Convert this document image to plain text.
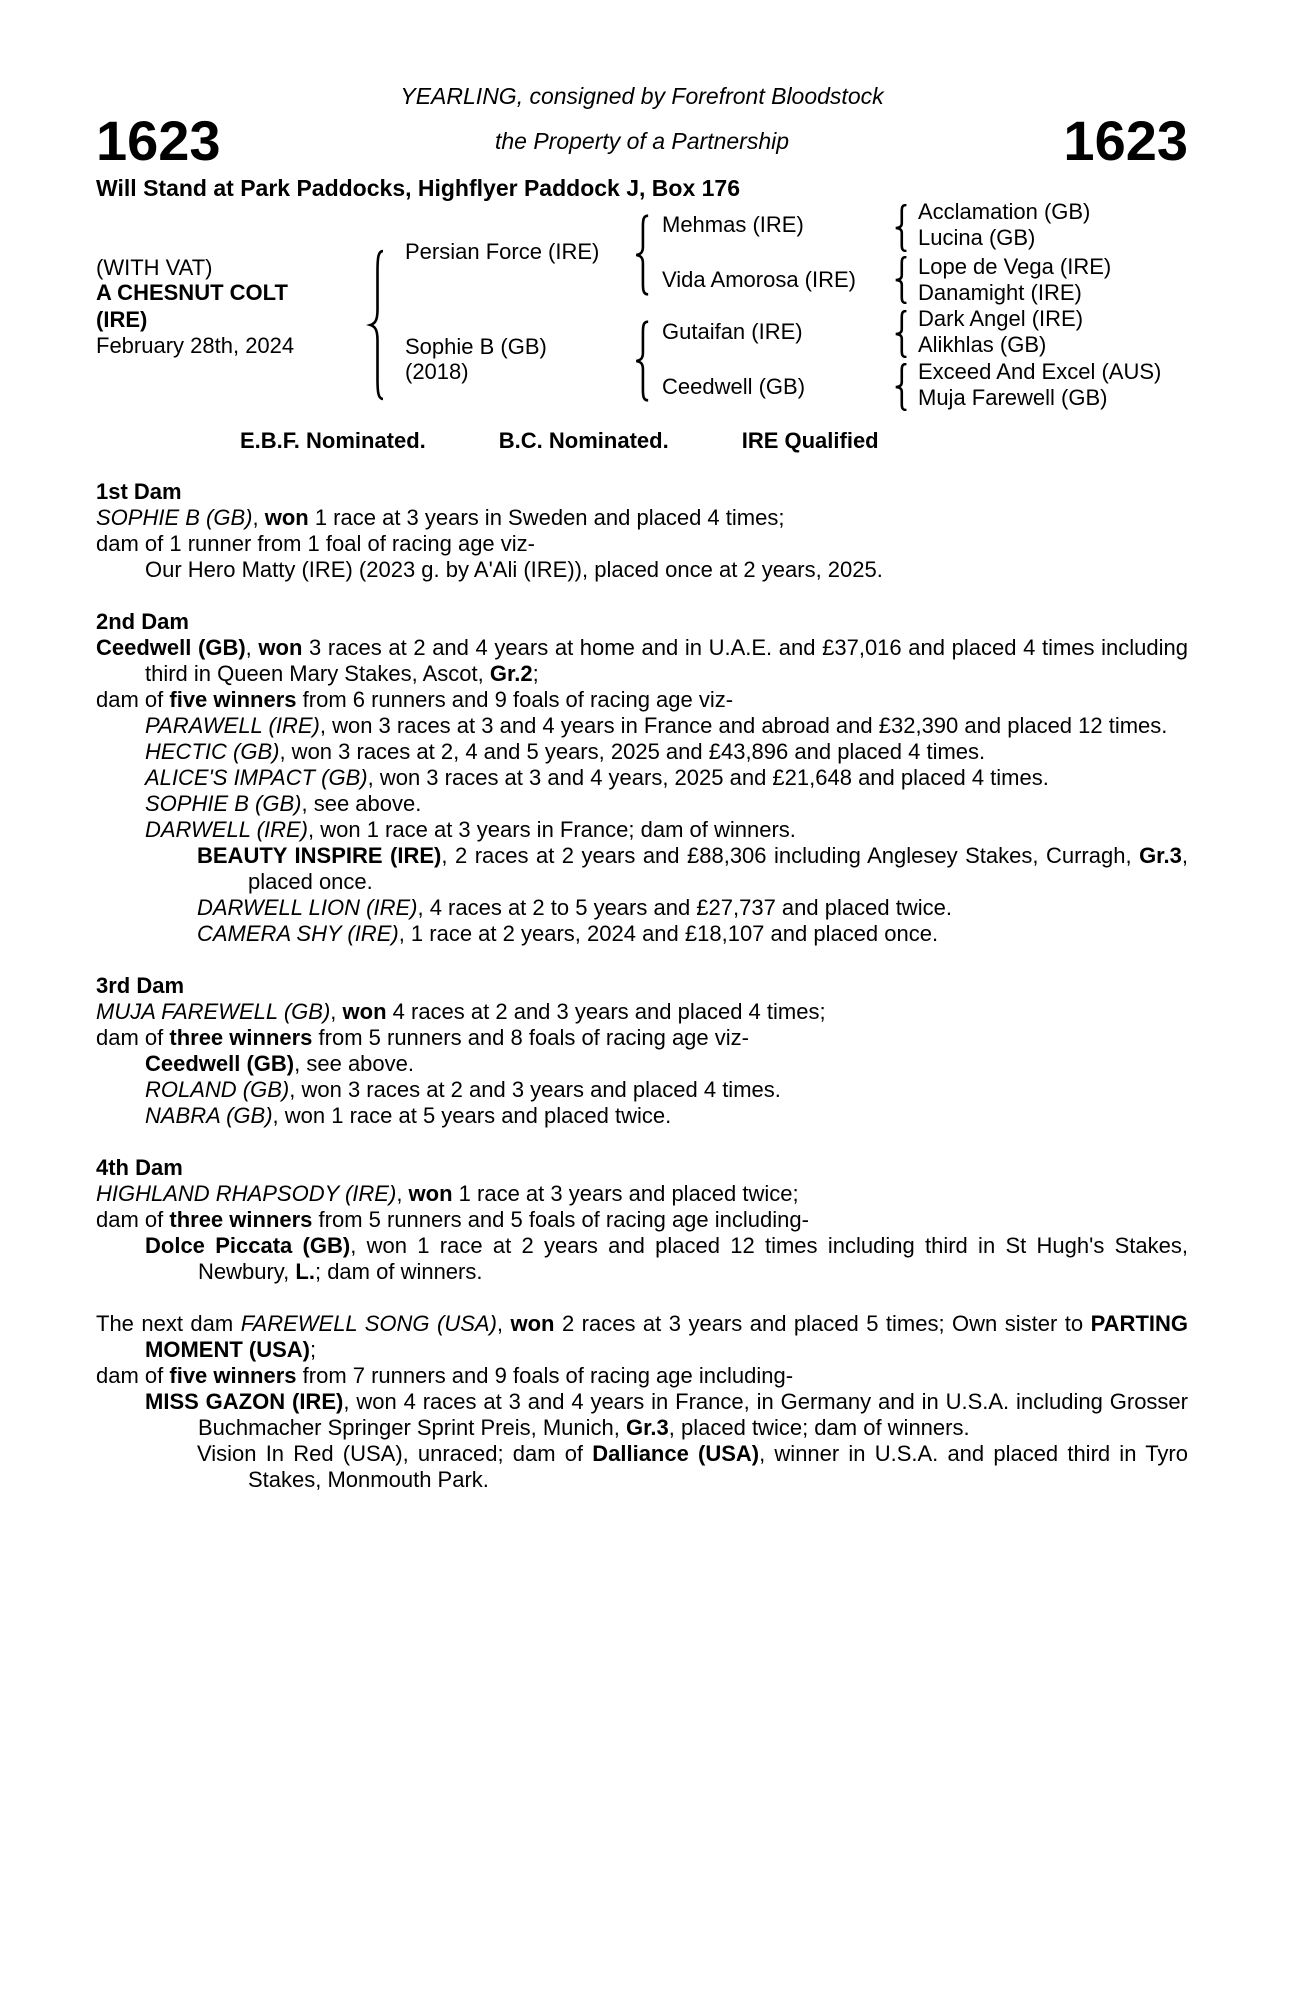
YEARLING, consigned by Forefront Bloodstock
1623	the Property of a Partnership	1623
Will Stand at Park Paddocks, Highflyer Paddock J, Box 176
(WITH VAT)
A CHESNUT COLT
(IRE)
February 28th, 2024
Persian Force (IRE)
Sophie B (GB)
(2018)
Mehmas (IRE)
Vida Amorosa (IRE)
Gutaifan (IRE)
Ceedwell (GB)
Acclamation (GB)
Lucina (GB)
Lope de Vega (IRE)
Danamight (IRE)
Dark Angel (IRE)
Alikhlas (GB)
Exceed And Excel (AUS)
Muja Farewell (GB)
E.B.F. Nominated.	B.C. Nominated.	IRE Qualified
1st Dam

SOPHIE B (GB), won 1 race at 3 years in Sweden and placed 4 times;

dam of 1 runner from 1 foal of racing age viz-

Our Hero Matty (IRE) (2023 g. by A'Ali (IRE)), placed once at 2 years, 2025.

2nd Dam

Ceedwell (GB), won 3 races at 2 and 4 years at home and in U.A.E. and £37,016 and placed 4 times including third in Queen Mary Stakes, Ascot, Gr.2;

dam of five winners from 6 runners and 9 foals of racing age viz-

PARAWELL (IRE), won 3 races at 3 and 4 years in France and abroad and £32,390 and placed 12 times.

HECTIC (GB), won 3 races at 2, 4 and 5 years, 2025 and £43,896 and placed 4 times.

ALICE'S IMPACT (GB), won 3 races at 3 and 4 years, 2025 and £21,648 and placed 4 times.

SOPHIE B (GB), see above.

DARWELL (IRE), won 1 race at 3 years in France; dam of winners.

BEAUTY INSPIRE (IRE), 2 races at 2 years and £88,306 including Anglesey Stakes, Curragh, Gr.3, placed once.

DARWELL LION (IRE), 4 races at 2 to 5 years and £27,737 and placed twice.

CAMERA SHY (IRE), 1 race at 2 years, 2024 and £18,107 and placed once.

3rd Dam

MUJA FAREWELL (GB), won 4 races at 2 and 3 years and placed 4 times;

dam of three winners from 5 runners and 8 foals of racing age viz-

Ceedwell (GB), see above.

ROLAND (GB), won 3 races at 2 and 3 years and placed 4 times.

NABRA (GB), won 1 race at 5 years and placed twice.

4th Dam

HIGHLAND RHAPSODY (IRE), won 1 race at 3 years and placed twice;

dam of three winners from 5 runners and 5 foals of racing age including-

Dolce Piccata (GB), won 1 race at 2 years and placed 12 times including third in St Hugh's Stakes, Newbury, L.; dam of winners.

The next dam FAREWELL SONG (USA), won 2 races at 3 years and placed 5 times; Own sister to PARTING MOMENT (USA);

dam of five winners from 7 runners and 9 foals of racing age including-

MISS GAZON (IRE), won 4 races at 3 and 4 years in France, in Germany and in U.S.A. including Grosser Buchmacher Springer Sprint Preis, Munich, Gr.3, placed twice; dam of winners.

Vision In Red (USA), unraced; dam of Dalliance (USA), winner in U.S.A. and placed third in Tyro Stakes, Monmouth Park.
